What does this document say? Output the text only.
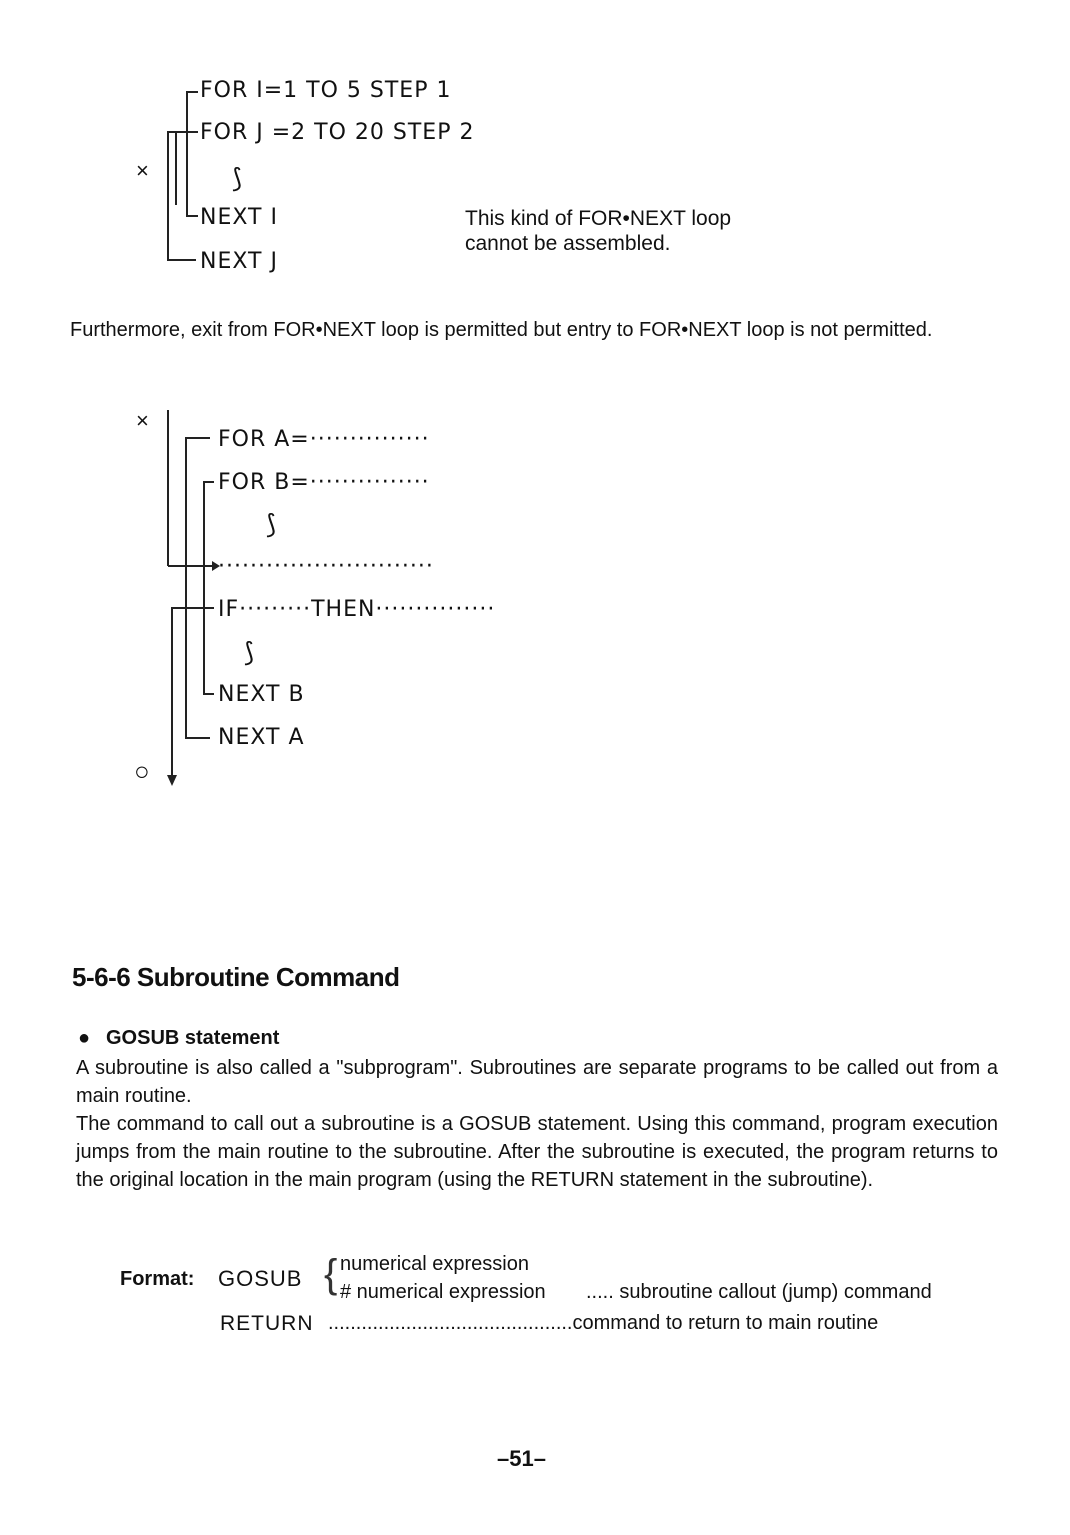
FOR I=1 TO 5 STEP 1
FOR J =2 TO 20 STEP 2
⟆
NEXT I
NEXT J
×
This kind of FOR•NEXT loop
cannot be assembled.
Furthermore, exit from FOR•NEXT loop is permitted but entry to FOR•NEXT loop is not permitted.
×
FOR A=···············
FOR B=···············
⟆
···························
IF·········THEN···············
⟆
NEXT B
NEXT A
○
5-6-6 Subroutine Command
● GOSUB statement
A subroutine is also called a "subprogram". Subroutines are separate programs to be called out from a main routine.
The command to call out a subroutine is a GOSUB statement. Using this command, program execution jumps from the main routine to the subroutine. After the subroutine is executed, the program returns to the original location in the main program (using the RETURN statement in the subroutine).
Format: GOSUB { numerical expression
# numerical expression ..... subroutine callout (jump) command
RETURN ............................................command to return to main routine
–51–
